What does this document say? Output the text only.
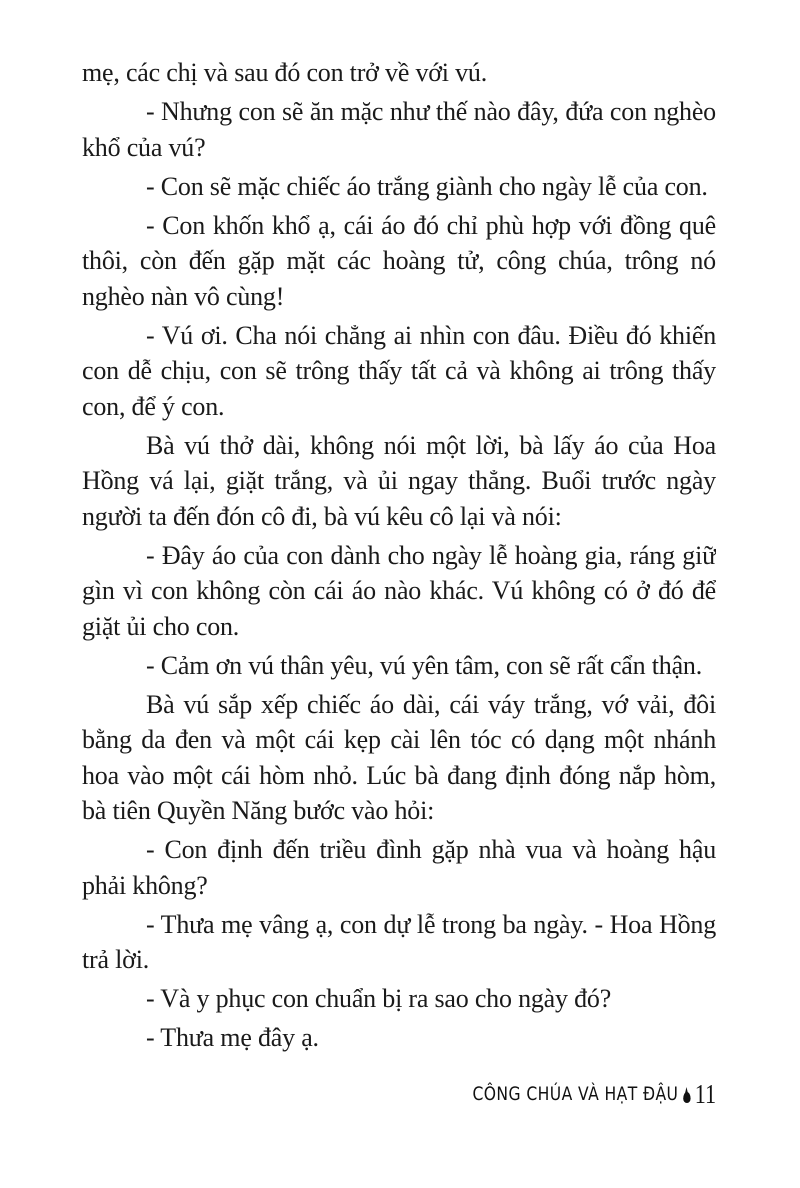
mẹ, các chị và sau đó con trở về với vú.
- Nhưng con sẽ ăn mặc như thế nào đây, đứa con nghèo
khổ của vú?
- Con sẽ mặc chiếc áo trắng giành cho ngày lễ của con.
- Con khốn khổ ạ, cái áo đó chỉ phù hợp với đồng quê
thôi, còn đến gặp mặt các hoàng tử, công chúa, trông nó
nghèo nàn vô cùng!
- Vú ơi. Cha nói chẳng ai nhìn con đâu. Điều đó khiến
con dễ chịu, con sẽ trông thấy tất cả và không ai trông thấy
con, để ý con.
Bà vú thở dài, không nói một lời, bà lấy áo của Hoa
Hồng vá lại, giặt trắng, và ủi ngay thẳng. Buổi trước ngày
người ta đến đón cô đi, bà vú kêu cô lại và nói:
- Đây áo của con dành cho ngày lễ hoàng gia, ráng giữ
gìn vì con không còn cái áo nào khác. Vú không có ở đó để
giặt ủi cho con.
- Cảm ơn vú thân yêu, vú yên tâm, con sẽ rất cẩn thận.
Bà vú sắp xếp chiếc áo dài, cái váy trắng, vớ vải, đôi
bằng da đen và một cái kẹp cài lên tóc có dạng một nhánh
hoa vào một cái hòm nhỏ. Lúc bà đang định đóng nắp hòm,
bà tiên Quyền Năng bước vào hỏi:
- Con định đến triều đình gặp nhà vua và hoàng hậu
phải không?
- Thưa mẹ vâng ạ, con dự lễ trong ba ngày. - Hoa Hồng
trả lời.
- Và y phục con chuẩn bị ra sao cho ngày đó?
- Thưa mẹ đây ạ.
CÔNG CHÚA VÀ HẠT ĐẬU 11
